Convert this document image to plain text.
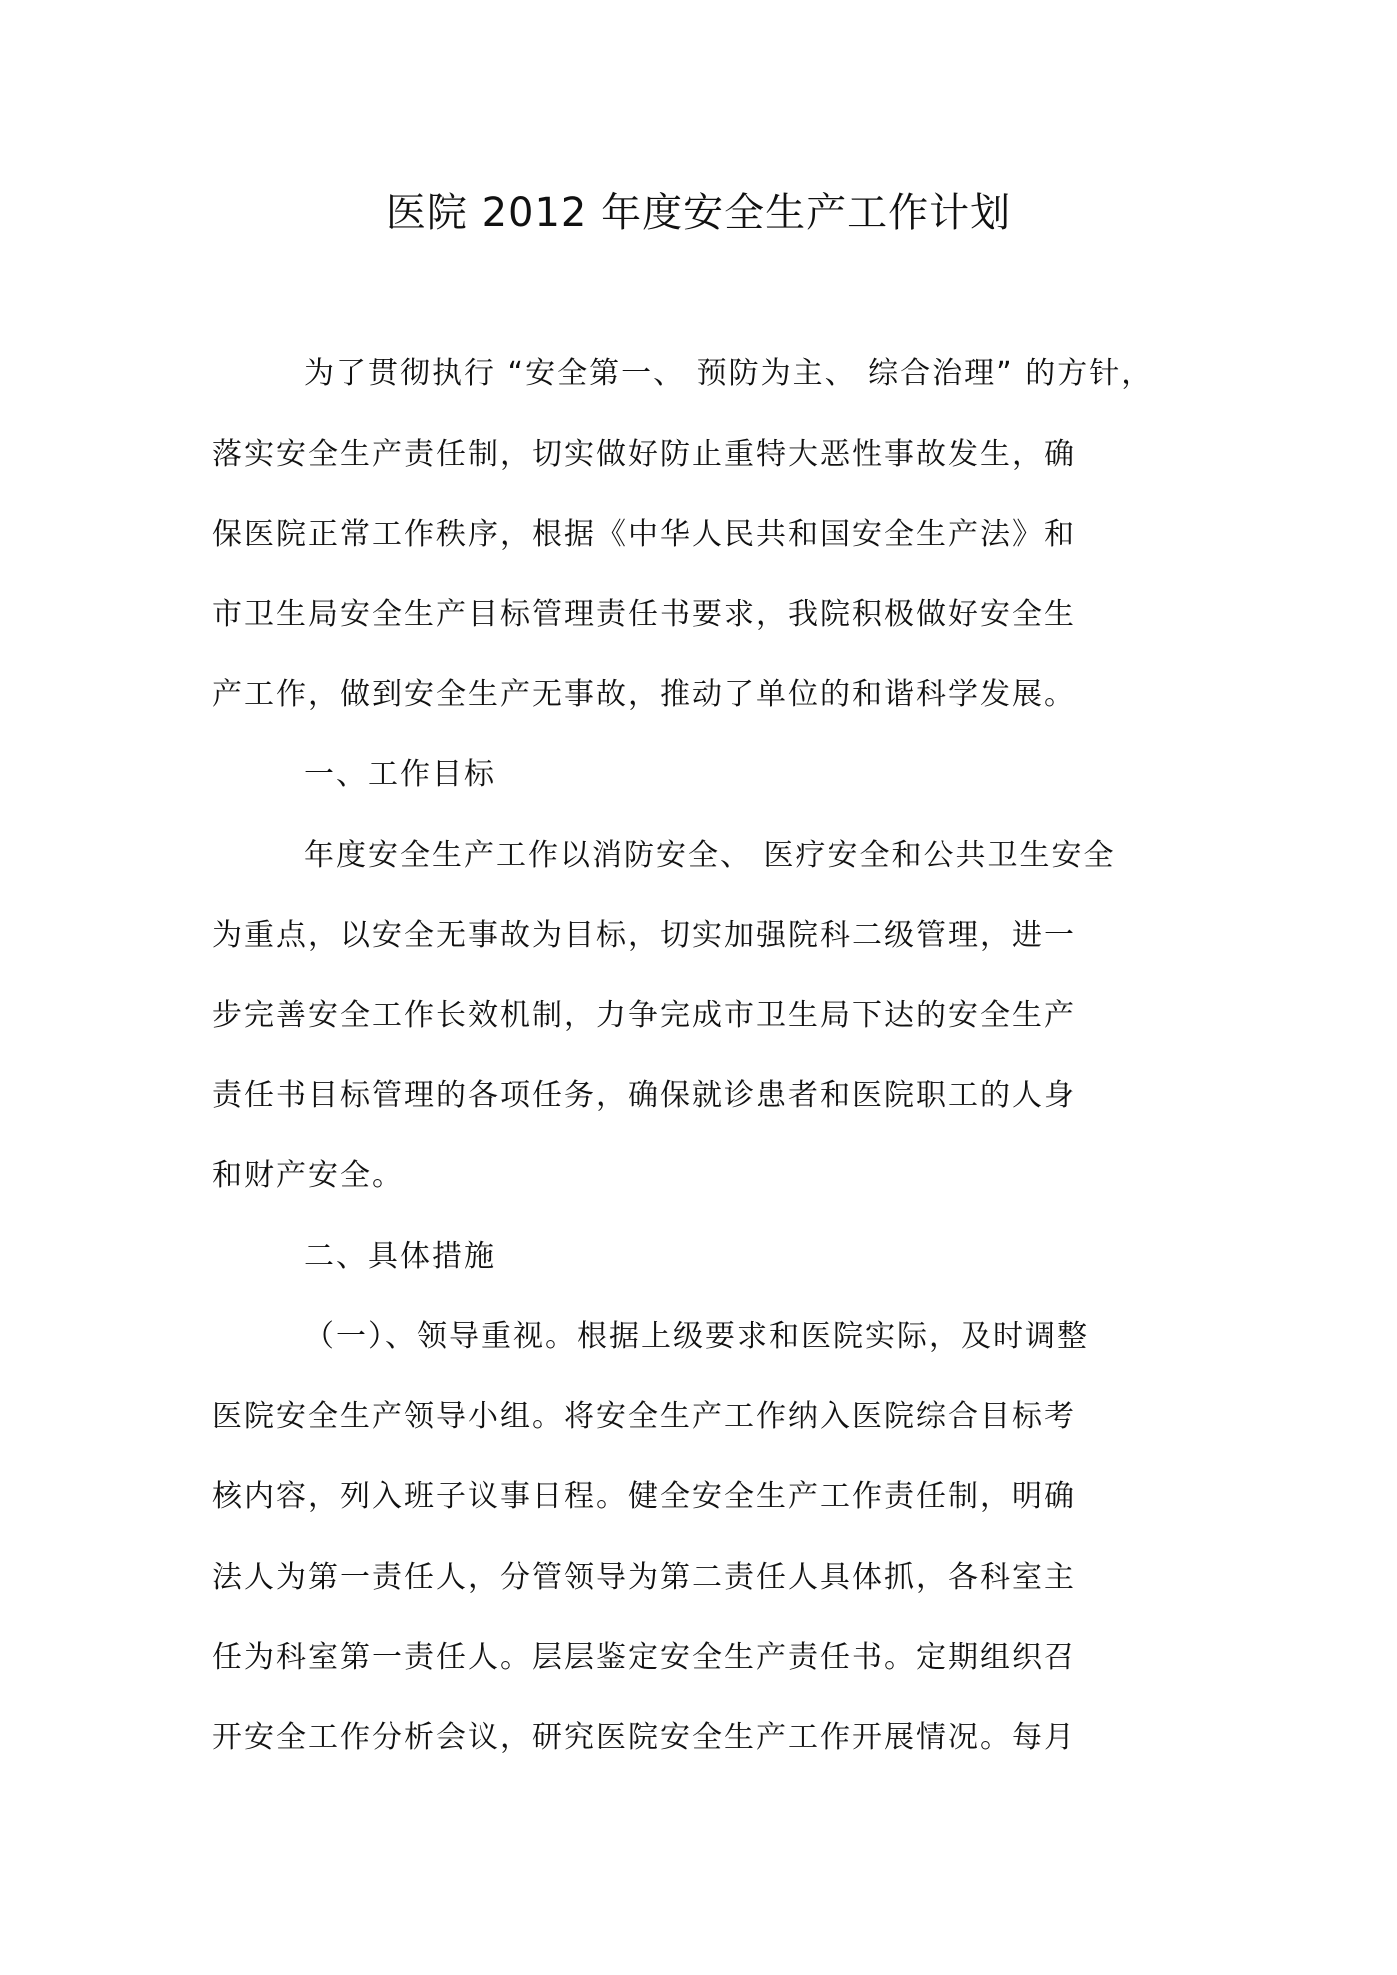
医院 2012 年度安全生产工作计划
为了贯彻执行 “安全第一、 预防为主、 综合治理” 的方针，
落实安全生产责任制，切实做好防止重特大恶性事故发生，确
保医院正常工作秩序，根据《中华人民共和国安全生产法》和
市卫生局安全生产目标管理责任书要求，我院积极做好安全生
产工作，做到安全生产无事故，推动了单位的和谐科学发展。
一、工作目标
年度安全生产工作以消防安全、 医疗安全和公共卫生安全
为重点，以安全无事故为目标，切实加强院科二级管理，进一
步完善安全工作长效机制，力争完成市卫生局下达的安全生产
责任书目标管理的各项任务，确保就诊患者和医院职工的人身
和财产安全。
二、具体措施
（一）、领导重视。根据上级要求和医院实际，及时调整
医院安全生产领导小组。将安全生产工作纳入医院综合目标考
核内容，列入班子议事日程。健全安全生产工作责任制，明确
法人为第一责任人，分管领导为第二责任人具体抓，各科室主
任为科室第一责任人。层层鉴定安全生产责任书。定期组织召
开安全工作分析会议，研究医院安全生产工作开展情况。每月
